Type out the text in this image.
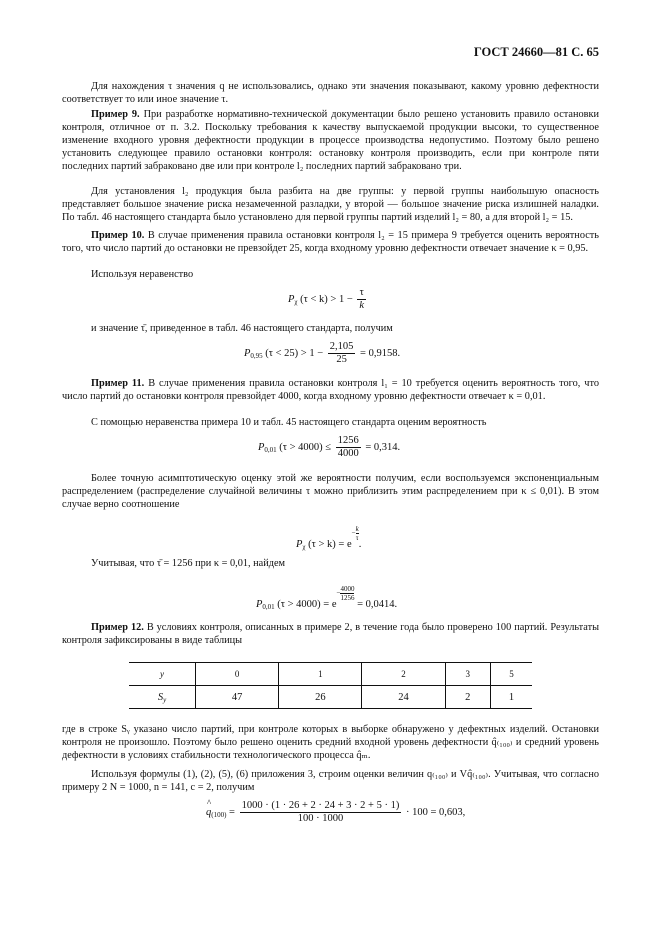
ГОСТ 24660—81 С. 65
Для нахождения τ значения q не использовались, однако эти значения показывают, какому уровню дефектности соответствует то или иное значение τ.
Пример 9. При разработке нормативно-технической документации было решено установить правило остановки контроля, отличное от п. 3.2. Поскольку требования к качеству выпускаемой продукции высоки, то существенное изменение входного уровня дефектности продукции в процессе производства недопустимо. Поэтому было решено установить следующее правило остановки контроля: остановку контроля производить, если при контроле пяти последних партий забраковано две или при контроле l₂ последних партий забраковано три.
Для установления l₂ продукция была разбита на две группы: у первой группы наибольшую опасность представляет большое значение риска незамеченной разладки, у второй — большое значение риска излишней наладки. По табл. 46 настоящего стандарта было установлено для первой группы партий изделий l₂ = 80, а для второй l₂ = 15.
Пример 10. В случае применения правила остановки контроля l₂ = 15 примера 9 требуется оценить вероятность того, что число партий до остановки не превзойдет 25, когда входному уровню дефектности отвечает значение κ = 0,95.
Используя неравенство
$P_\chi$ $(\tau < k) > 1 - \frac{\tau}{k}$
и значение τ̄, приведенное в табл. 46 настоящего стандарта, получим
$P_{0,95}$ $(\tau < 25) > 1 - \frac{2,105}{25} = 0,9158$.
Пример 11. В случае применения правила остановки контроля l₁ = 10 требуется оценить вероятность того, что число партий до остановки контроля превзойдет 4000, когда входному уровню дефектности отвечает κ = 0,01.
С помощью неравенства примера 10 и табл. 45 настоящего стандарта оценим вероятность
$P_{0,01}$ $(\tau > 4000) \le \frac{1256}{4000} = 0,314$.
Более точную асимптотическую оценку этой же вероятности получим, если воспользуемся экспоненциальным распределением (распределение случайной величины τ можно приблизить этим распределением при κ ≤ 0,01). В этом случае верно соотношение
$P_\chi$ $(\tau > k) = e- \frac{k}{\tau}$
.
Учитывая, что τ̄ = 1256 при κ = 0,01, найдем
$P_{0,01}$ $(\tau > 4000) = e- \frac{4000}{1256}$
= 0,0414.
Пример 12. В условиях контроля, описанных в примере 2, в течение года было проверено 100 партий. Результаты контроля зафиксированы в виде таблицы
y	0	1	2	3	5
$S_y$	47	26	24	2	1
где в строке Sᵧ указано число партий, при контроле которых в выборке обнаружено y дефектных изделий. Остановки контроля не произошло. Поэтому было решено оценить средний входной уровень дефектности q̂₍₁₀₀₎ и средний уровень дефектности в условиях стабильности технологического процесса q̂ₘ.
Используя формулы (1), (2), (5), (6) приложения 3, строим оценки величин q₍₁₀₀₎ и Vq̂₍₁₀₀₎. Учитывая, что согласно примеру 2 N = 1000, n = 141, c = 2, получим
^ $q_{(100)} = \frac{1000 \cdot (1 \cdot 26 + 2 \cdot 24 + 3 \cdot 2 + 5 \cdot 1)}{100 \cdot 1000} \cdot 100 = 0,603$,
